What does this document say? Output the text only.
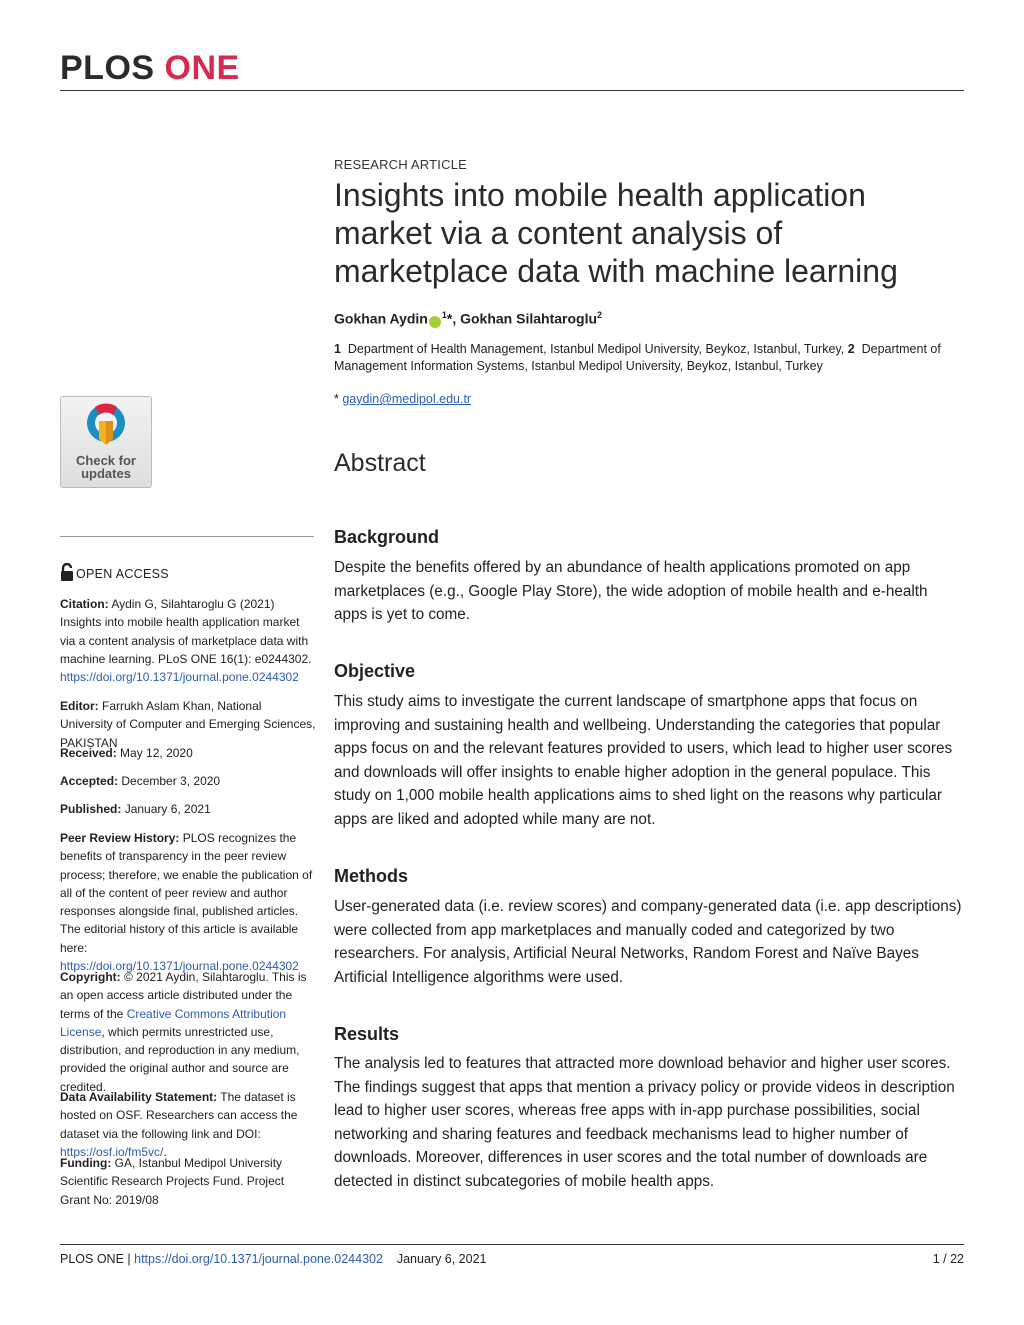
PLOS ONE
Check for updates
OPEN ACCESS

Citation: Aydin G, Silahtaroglu G (2021) Insights into mobile health application market via a content analysis of marketplace data with machine learning. PLoS ONE 16(1): e0244302. https://doi.org/10.1371/journal.pone.0244302

Editor: Farrukh Aslam Khan, National University of Computer and Emerging Sciences, PAKISTAN

Received: May 12, 2020

Accepted: December 3, 2020

Published: January 6, 2021

Peer Review History: PLOS recognizes the benefits of transparency in the peer review process; therefore, we enable the publication of all of the content of peer review and author responses alongside final, published articles. The editorial history of this article is available here: https://doi.org/10.1371/journal.pone.0244302

Copyright: © 2021 Aydin, Silahtaroglu. This is an open access article distributed under the terms of the Creative Commons Attribution License, which permits unrestricted use, distribution, and reproduction in any medium, provided the original author and source are credited.

Data Availability Statement: The dataset is hosted on OSF. Researchers can access the dataset via the following link and DOI: https://osf.io/fm5vc/.

Funding: GA, Istanbul Medipol University Scientific Research Projects Fund. Project Grant No: 2019/08

RESEARCH ARTICLE
Insights into mobile health application market via a content analysis of marketplace data with machine learning
Gokhan Aydin $^1$*, Gokhan Silahtaroglu$^2$
1 Department of Health Management, Istanbul Medipol University, Beykoz, Istanbul, Turkey, 2 Department of Management Information Systems, Istanbul Medipol University, Beykoz, Istanbul, Turkey
* gaydin@medipol.edu.tr
Abstract
Background

Despite the benefits offered by an abundance of health applications promoted on app marketplaces (e.g., Google Play Store), the wide adoption of mobile health and e-health apps is yet to come.

Objective

This study aims to investigate the current landscape of smartphone apps that focus on improving and sustaining health and wellbeing. Understanding the categories that popular apps focus on and the relevant features provided to users, which lead to higher user scores and downloads will offer insights to enable higher adoption in the general populace. This study on 1,000 mobile health applications aims to shed light on the reasons why particular apps are liked and adopted while many are not.

Methods

User-generated data (i.e. review scores) and company-generated data (i.e. app descriptions) were collected from app marketplaces and manually coded and categorized by two researchers. For analysis, Artificial Neural Networks, Random Forest and Naïve Bayes Artificial Intelligence algorithms were used.

Results

The analysis led to features that attracted more download behavior and higher user scores. The findings suggest that apps that mention a privacy policy or provide videos in description lead to higher user scores, whereas free apps with in-app purchase possibilities, social networking and sharing features and feedback mechanisms lead to higher number of downloads. Moreover, differences in user scores and the total number of downloads are detected in distinct subcategories of mobile health apps.

PLOS ONE | https://doi.org/10.1371/journal.pone.0244302 January 6, 2021	1 / 22
